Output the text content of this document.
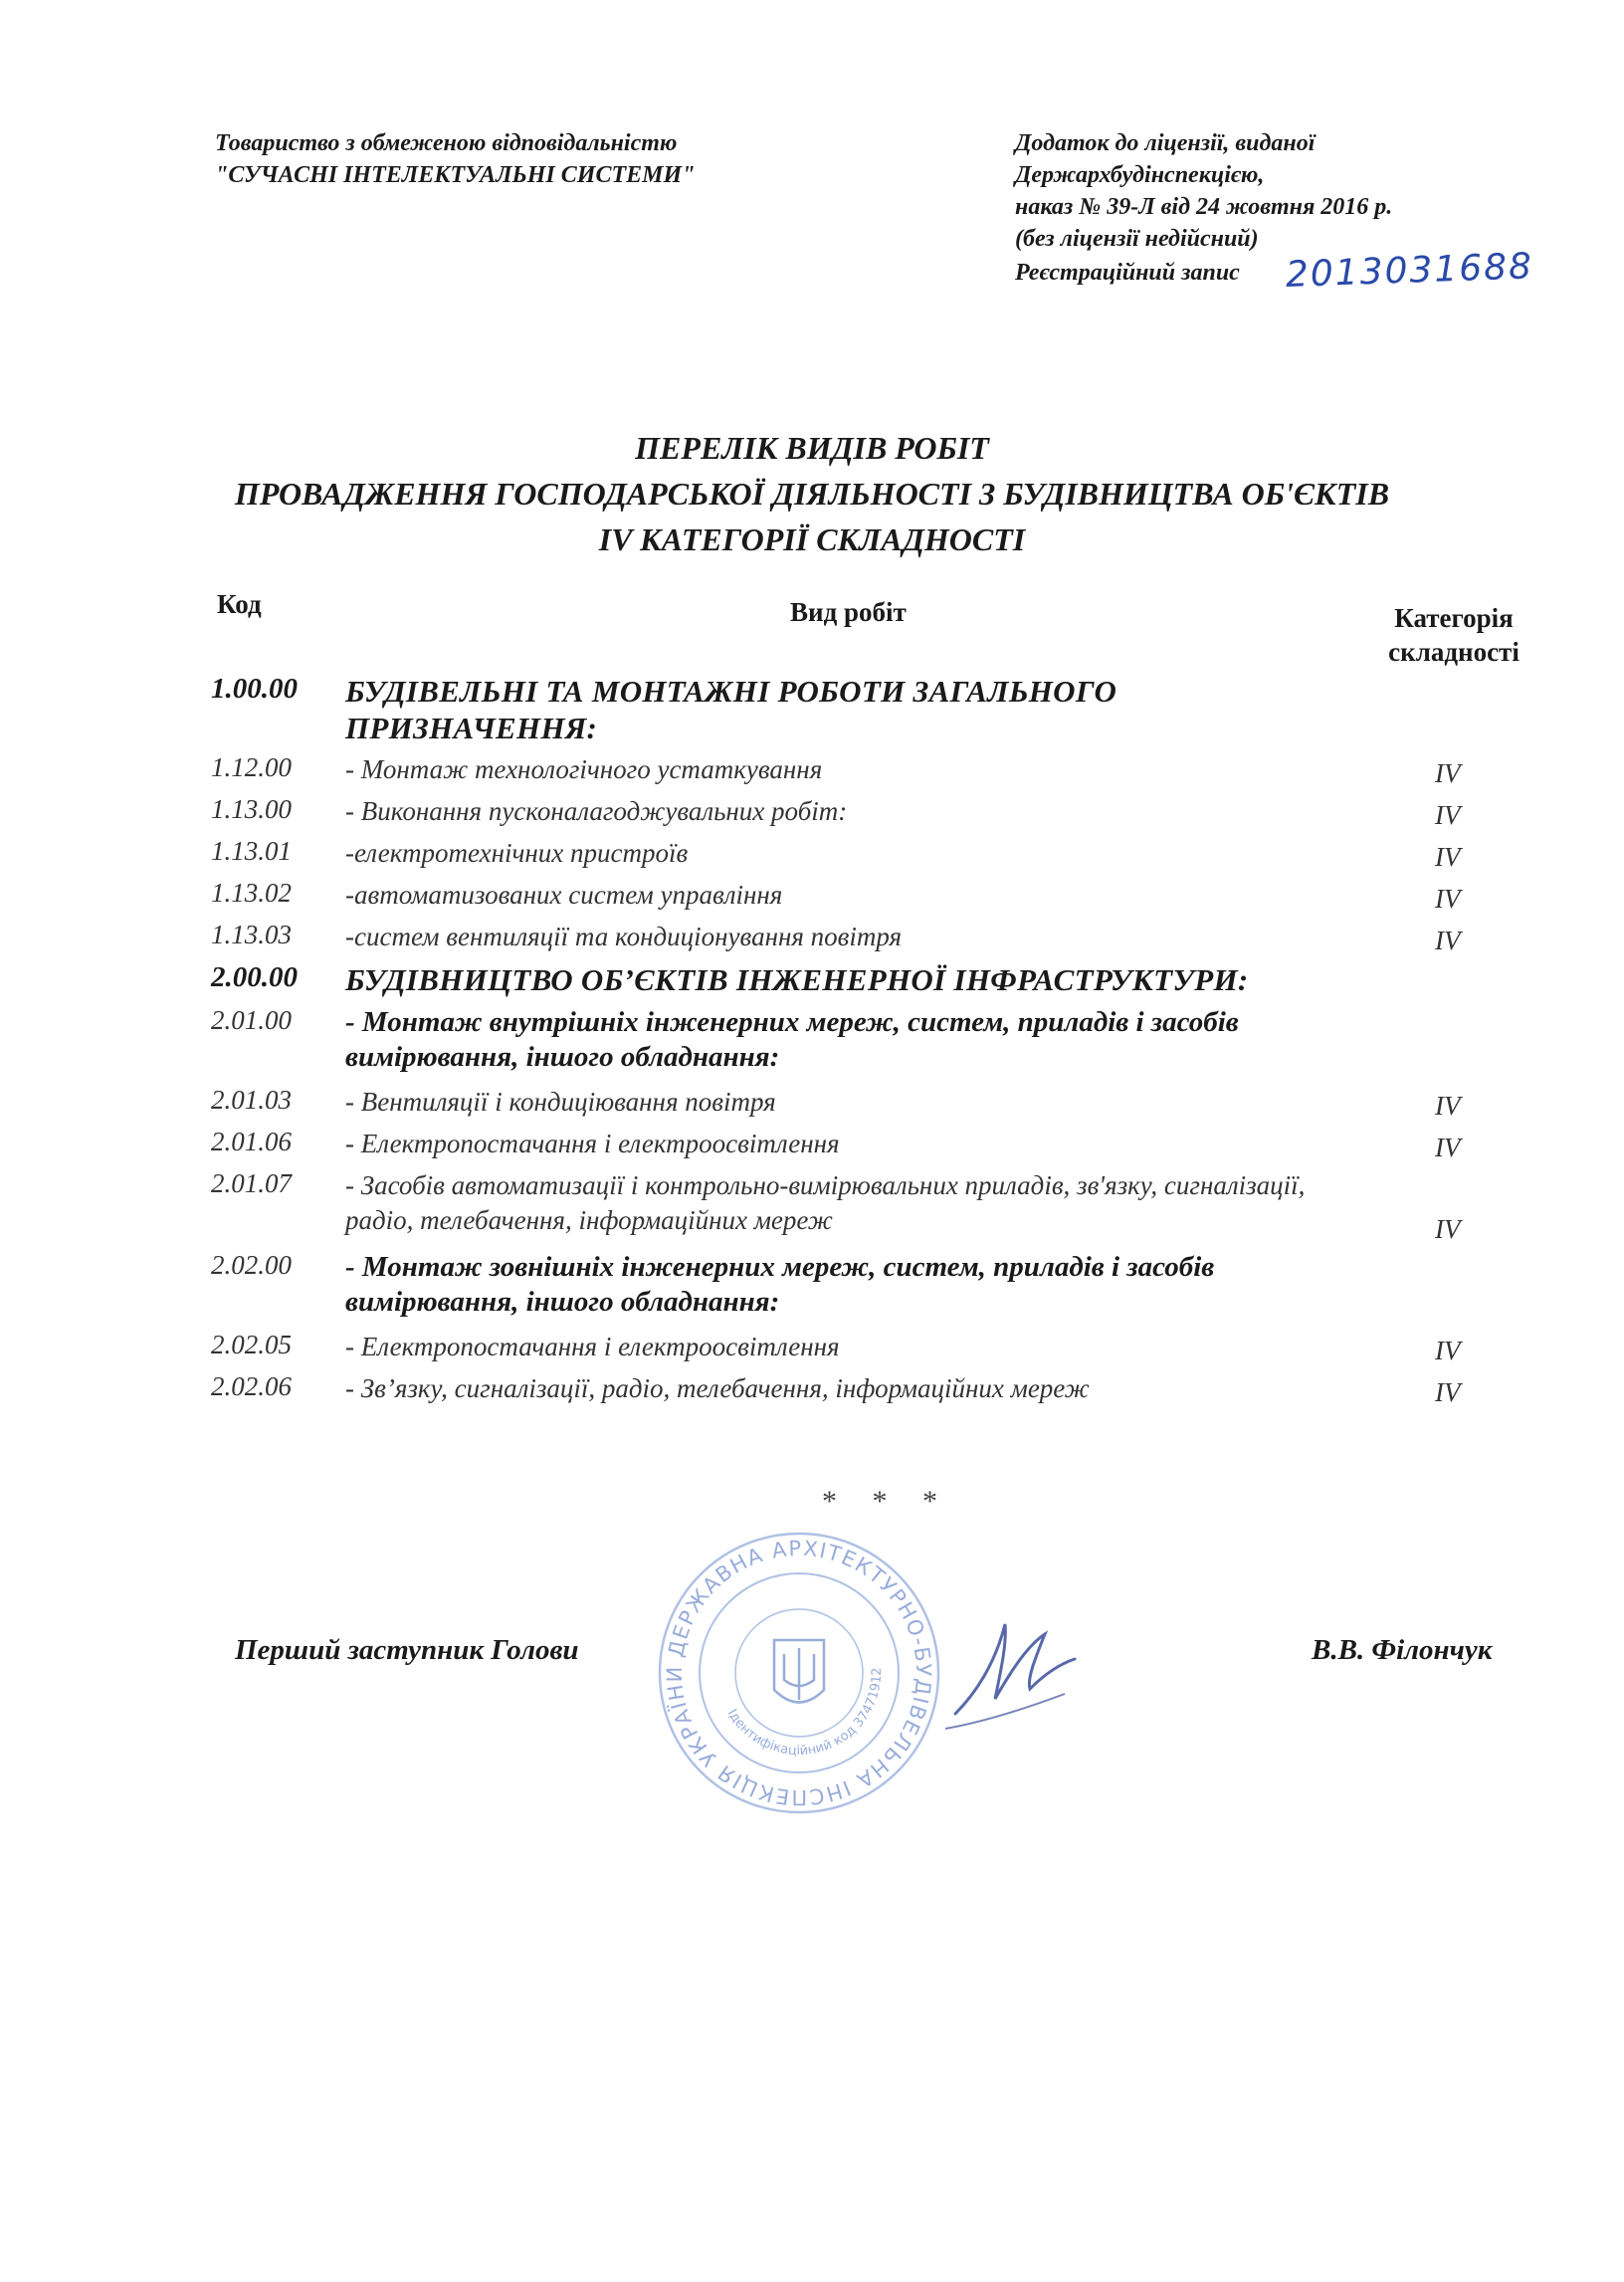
Товариство з обмеженою відповідальністю
"СУЧАСНІ ІНТЕЛЕКТУАЛЬНІ СИСТЕМИ"
Додаток до ліцензії, виданої
Держархбудінспекцією,
наказ № 39-Л від 24 жовтня 2016 р.
(без ліцензії недійсний)
Реєстраційний запис 2013031688
ПЕРЕЛІК ВИДІВ РОБІТ
ПРОВАДЖЕННЯ ГОСПОДАРСЬКОЇ ДІЯЛЬНОСТІ З БУДІВНИЦТВА ОБ'ЄКТІВ
IV КАТЕГОРІЇ СКЛАДНОСТІ
Код	Вид робіт	Категорія
складності
1.00.00 БУДІВЕЛЬНІ ТА МОНТАЖНІ РОБОТИ ЗАГАЛЬНОГО ПРИЗНАЧЕННЯ:
1.12.00 - Монтаж технологічного устаткування	IV
1.13.00 - Виконання пусконалагоджувальних робіт:	IV
1.13.01 -електротехнічних пристроїв	IV
1.13.02 -автоматизованих систем управління	IV
1.13.03 -систем вентиляції та кондиціонування повітря	IV
2.00.00 БУДІВНИЦТВО ОБ’ЄКТІВ ІНЖЕНЕРНОЇ ІНФРАСТРУКТУРИ:
2.01.00 - Монтаж внутрішніх інженерних мереж, систем, приладів і засобів вимірювання, іншого обладнання:
2.01.03 - Вентиляції і кондиціювання повітря	IV
2.01.06 - Електропостачання і електроосвітлення	IV
2.01.07 - Засобів автоматизації і контрольно-вимірювальних приладів, зв'язку, сигналізації, радіо, телебачення, інформаційних мереж	IV
2.02.00 - Монтаж зовнішніх інженерних мереж, систем, приладів і засобів вимірювання, іншого обладнання:
2.02.05 - Електропостачання і електроосвітлення	IV
2.02.06 - Зв’язку, сигналізації, радіо, телебачення, інформаційних мереж	IV
* * *
ДЕРЖАВНА АРХІТЕКТУРНО-БУДІВЕЛЬНА ІНСПЕКЦІЯ УКРАЇНИ
Ідентифікаційний код 37471912
Перший заступник Голови	В.В. Філончук
